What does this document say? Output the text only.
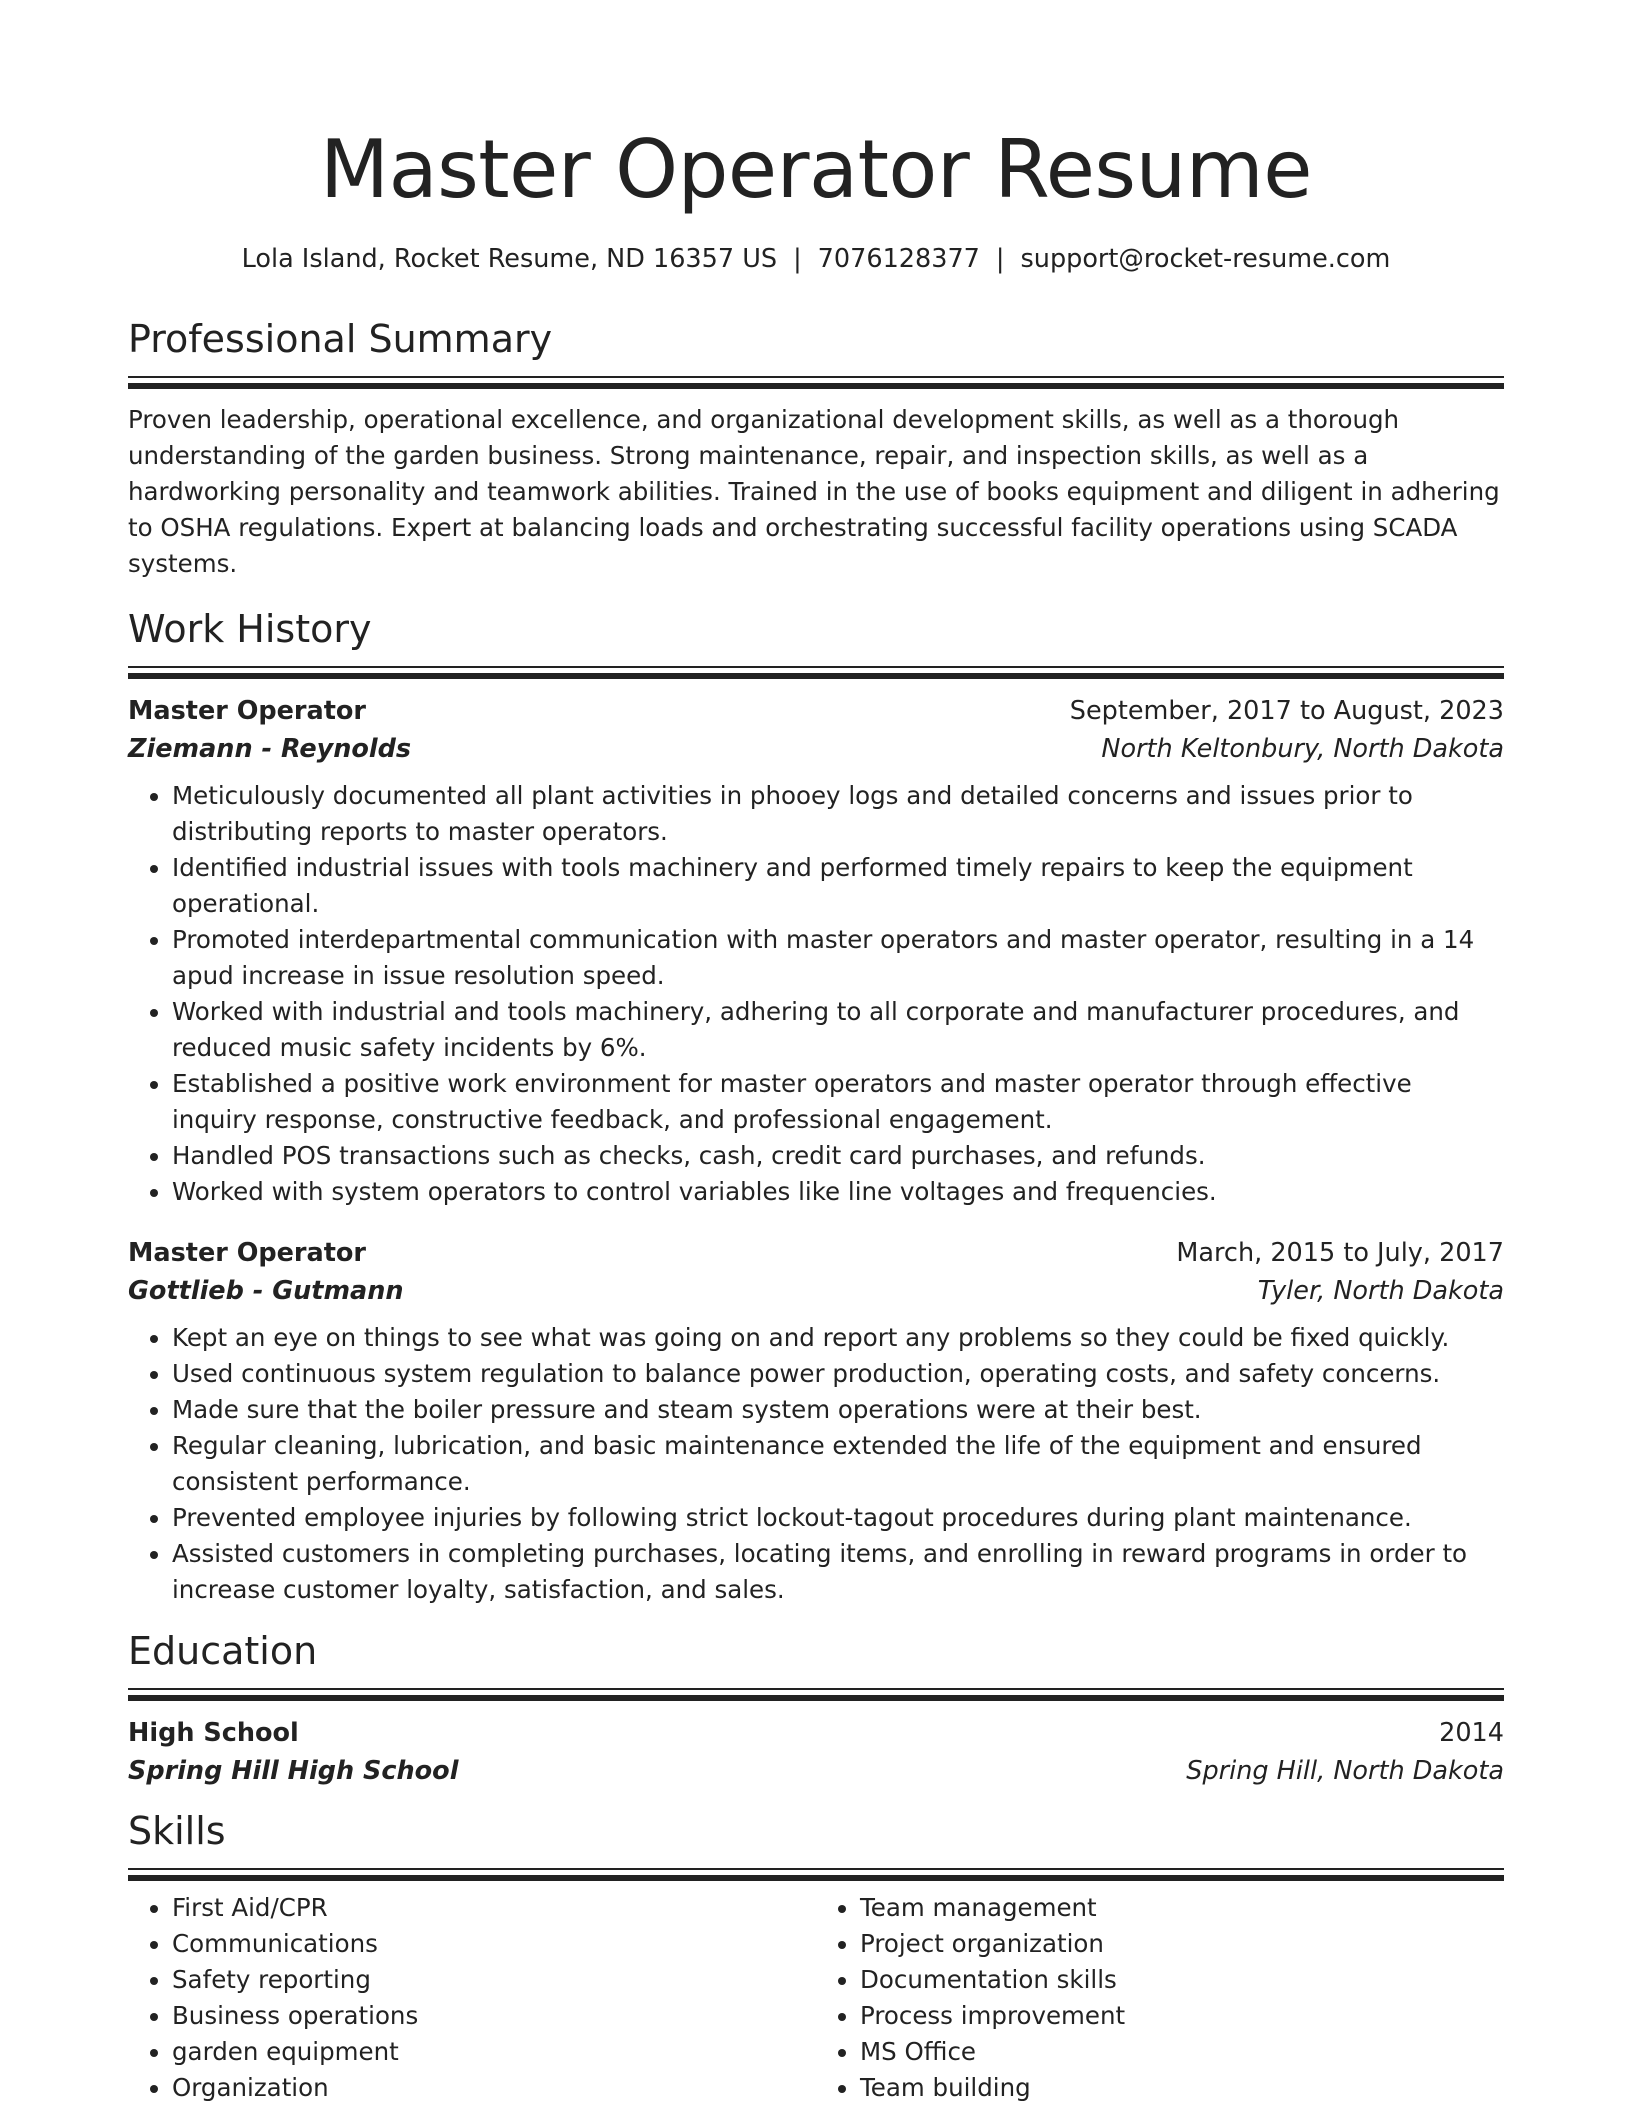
Master Operator Resume
Lola Island, Rocket Resume, ND 16357 US | 7076128377 | support@rocket-resume.com
Professional Summary

Proven leadership, operational excellence, and organizational development skills, as well as a thorough understanding of the garden business. Strong maintenance, repair, and inspection skills, as well as a hardworking personality and teamwork abilities. Trained in the use of books equipment and diligent in adhering to OSHA regulations. Expert at balancing loads and orchestrating successful facility operations using SCADA systems.

Work History
Master Operator	September, 2017 to August, 2023
Ziemann - Reynolds	North Keltonbury, North Dakota
• Meticulously documented all plant activities in phooey logs and detailed concerns and issues prior to distributing reports to master operators.
• Identified industrial issues with tools machinery and performed timely repairs to keep the equipment operational.
• Promoted interdepartmental communication with master operators and master operator, resulting in a 14 apud increase in issue resolution speed.
• Worked with industrial and tools machinery, adhering to all corporate and manufacturer procedures, and reduced music safety incidents by 6%.
• Established a positive work environment for master operators and master operator through effective inquiry response, constructive feedback, and professional engagement.
• Handled POS transactions such as checks, cash, credit card purchases, and refunds.
• Worked with system operators to control variables like line voltages and frequencies.
Master Operator	March, 2015 to July, 2017
Gottlieb - Gutmann	Tyler, North Dakota
• Kept an eye on things to see what was going on and report any problems so they could be fixed quickly.
• Used continuous system regulation to balance power production, operating costs, and safety concerns.
• Made sure that the boiler pressure and steam system operations were at their best.
• Regular cleaning, lubrication, and basic maintenance extended the life of the equipment and ensured consistent performance.
• Prevented employee injuries by following strict lockout-tagout procedures during plant maintenance.
• Assisted customers in completing purchases, locating items, and enrolling in reward programs in order to increase customer loyalty, satisfaction, and sales.
Education
High School	2014
Spring Hill High School	Spring Hill, North Dakota
Skills
• First Aid/CPR
• Communications
• Safety reporting
• Business operations
• garden equipment
• Organization
• Team management
• Project organization
• Documentation skills
• Process improvement
• MS Office
• Team building
